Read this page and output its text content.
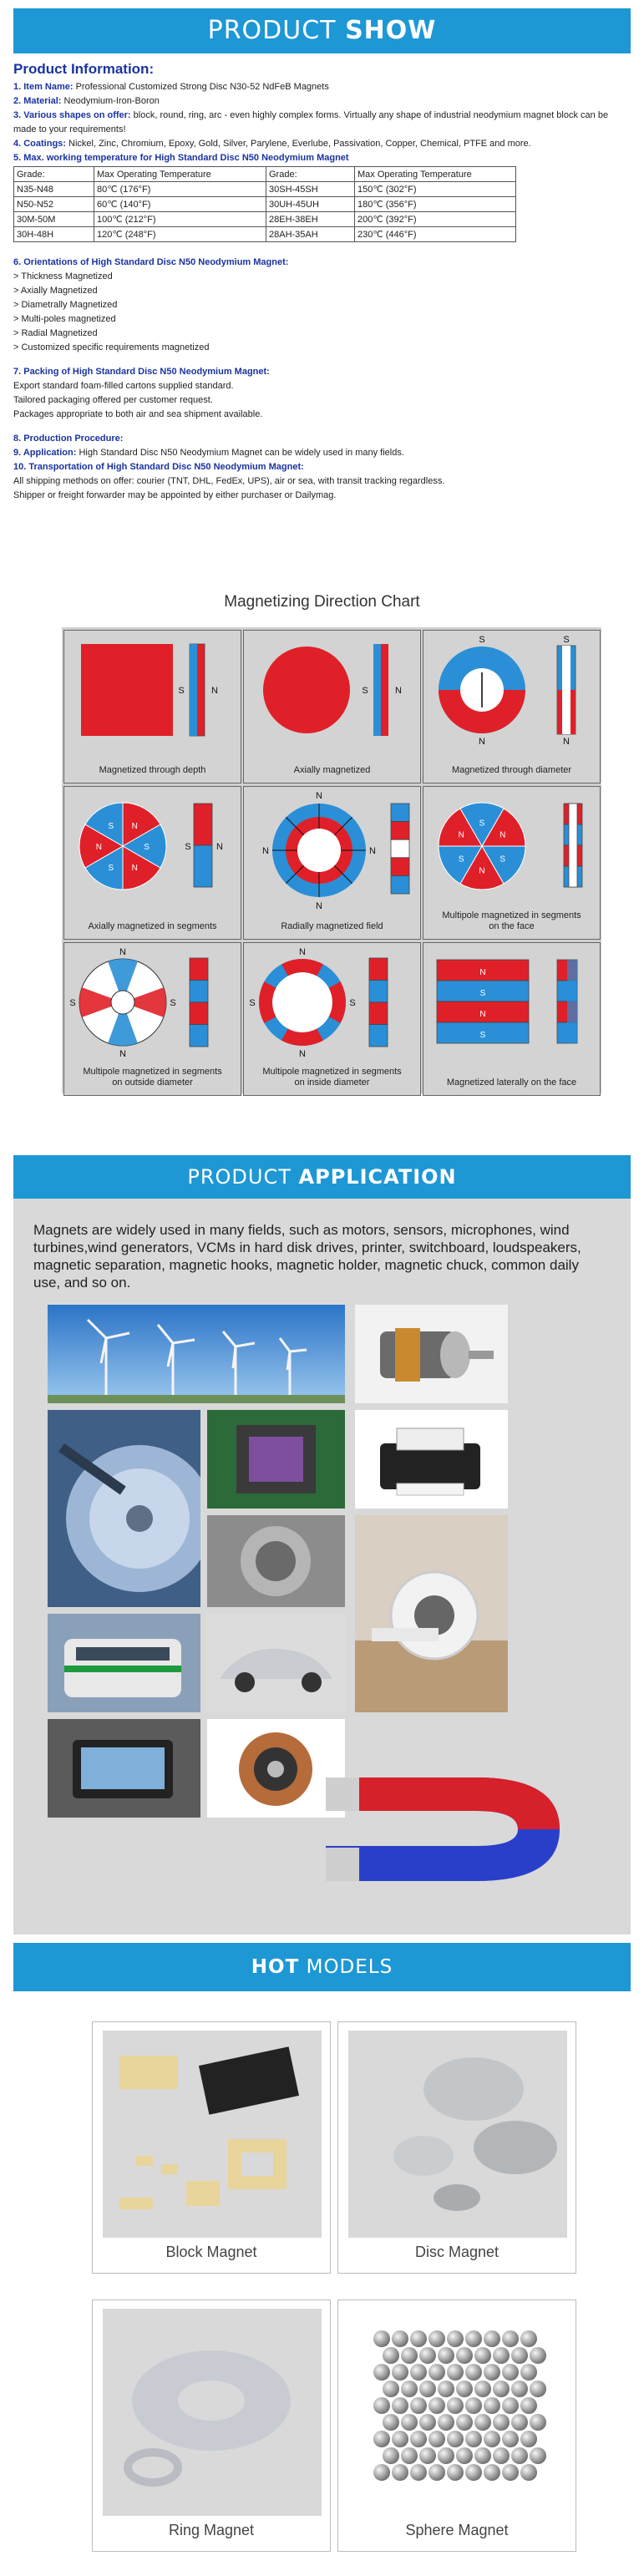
PRODUCT SHOW
Product Information:
1. Item Name: Professional Customized Strong Disc N30-52 NdFeB Magnets
2. Material: Neodymium-Iron-Boron
3. Various shapes on offer: block, round, ring, arc - even highly complex forms. Virtually any shape of industrial neodymium magnet block can be made to your requirements!
4. Coatings: Nickel, Zinc, Chromium, Epoxy, Gold, Silver, Parylene, Everlube, Passivation, Copper, Chemical, PTFE and more.
5. Max. working temperature for High Standard Disc N50 Neodymium Magnet
Grade:	Max Operating Temperature	Grade:	Max Operating Temperature
N35-N48	80℃ (176°F)	30SH-45SH	150℃ (302°F)
N50-N52	60℃ (140°F)	30UH-45UH	180℃ (356°F)
30M-50M	100℃ (212°F)	28EH-38EH	200℃ (392°F)
30H-48H	120℃ (248°F)	28AH-35AH	230℃ (446°F)
6. Orientations of High Standard Disc N50 Neodymium Magnet:
> Thickness Magnetized
> Axially Magnetized
> Diametrally Magnetized
> Multi-poles magnetized
> Radial Magnetized
> Customized specific requirements magnetized
7. Packing of High Standard Disc N50 Neodymium Magnet:
Export standard foam-filled cartons supplied standard.
Tailored packaging offered per customer request.
Packages appropriate to both air and sea shipment available.
8. Production Procedure:
9. Application: High Standard Disc N50 Neodymium Magnet can be widely used in many fields.
10. Transportation of High Standard Disc N50 Neodymium Magnet:
All shipping methods on offer: courier (TNT, DHL, FedEx, UPS), air or sea, with transit tracking regardless.
Shipper or freight forwarder may be appointed by either purchaser or Dailymag.
Magnetizing Direction Chart
S	N
Magnetized through depth
S	N
Axially magnetized
S
N
S
N
Magnetized through diameter
N
S
N
S
N
S
S	N
Axially magnetized in segments
N
N
N	N
Radially magnetized field
N
S
N
S
N
S
Multipole magnetized in segments
on the face
N
N
S	S
Multipole magnetized in segments
on outside diameter
N
N
S	S
Multipole magnetized in segments
on inside diameter
N
S
N
S
Magnetized laterally on the face
PRODUCT APPLICATION
Magnets are widely used in many fields, such as motors, sensors, microphones, wind turbines,wind generators, VCMs in hard disk drives, printer, switchboard, loudspeakers, magnetic separation, magnetic hooks, magnetic holder, magnetic chuck, common daily use, and so on.
HOT MODELS
Block Magnet	Disc Magnet
Ring Magnet	Sphere Magnet
